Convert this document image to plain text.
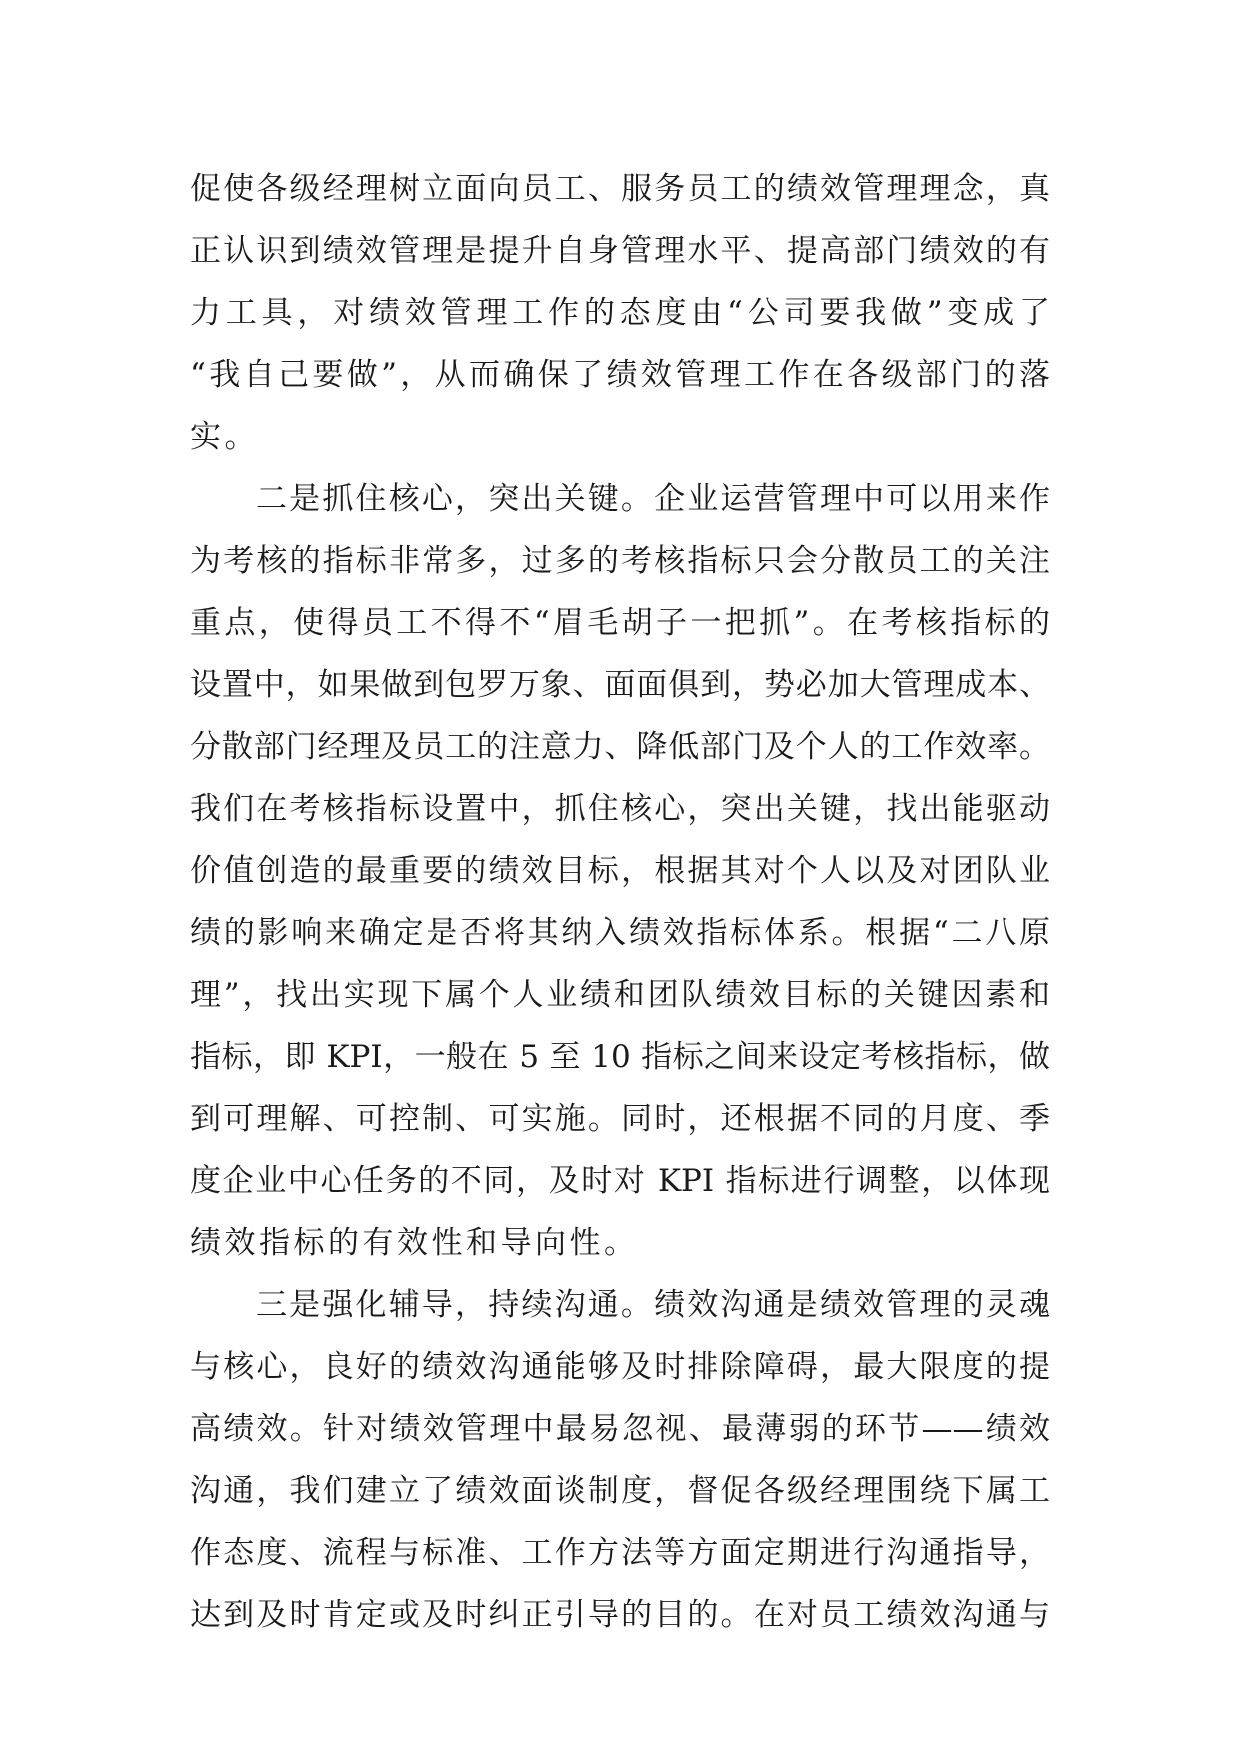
促使各级经理树立面向员工、服务员工的绩效管理理念，真
正认识到绩效管理是提升自身管理水平、提高部门绩效的有
力工具，对绩效管理工作的态度由“公司要我做”变成了
“我自己要做”，从而确保了绩效管理工作在各级部门的落
实。
二是抓住核心，突出关键。企业运营管理中可以用来作
为考核的指标非常多，过多的考核指标只会分散员工的关注
重点，使得员工不得不“眉毛胡子一把抓”。在考核指标的
设置中，如果做到包罗万象、面面俱到，势必加大管理成本、
分散部门经理及员工的注意力、降低部门及个人的工作效率。
我们在考核指标设置中，抓住核心，突出关键，找出能驱动
价值创造的最重要的绩效目标，根据其对个人以及对团队业
绩的影响来确定是否将其纳入绩效指标体系。根据“二八原
理”，找出实现下属个人业绩和团队绩效目标的关键因素和
指标，即 KPI，一般在 5 至 10 指标之间来设定考核指标，做
到可理解、可控制、可实施。同时，还根据不同的月度、季
度企业中心任务的不同，及时对 KPI 指标进行调整，以体现
绩效指标的有效性和导向性。
三是强化辅导，持续沟通。绩效沟通是绩效管理的灵魂
与核心，良好的绩效沟通能够及时排除障碍，最大限度的提
高绩效。针对绩效管理中最易忽视、最薄弱的环节——绩效
沟通，我们建立了绩效面谈制度，督促各级经理围绕下属工
作态度、流程与标准、工作方法等方面定期进行沟通指导，
达到及时肯定或及时纠正引导的目的。在对员工绩效沟通与
